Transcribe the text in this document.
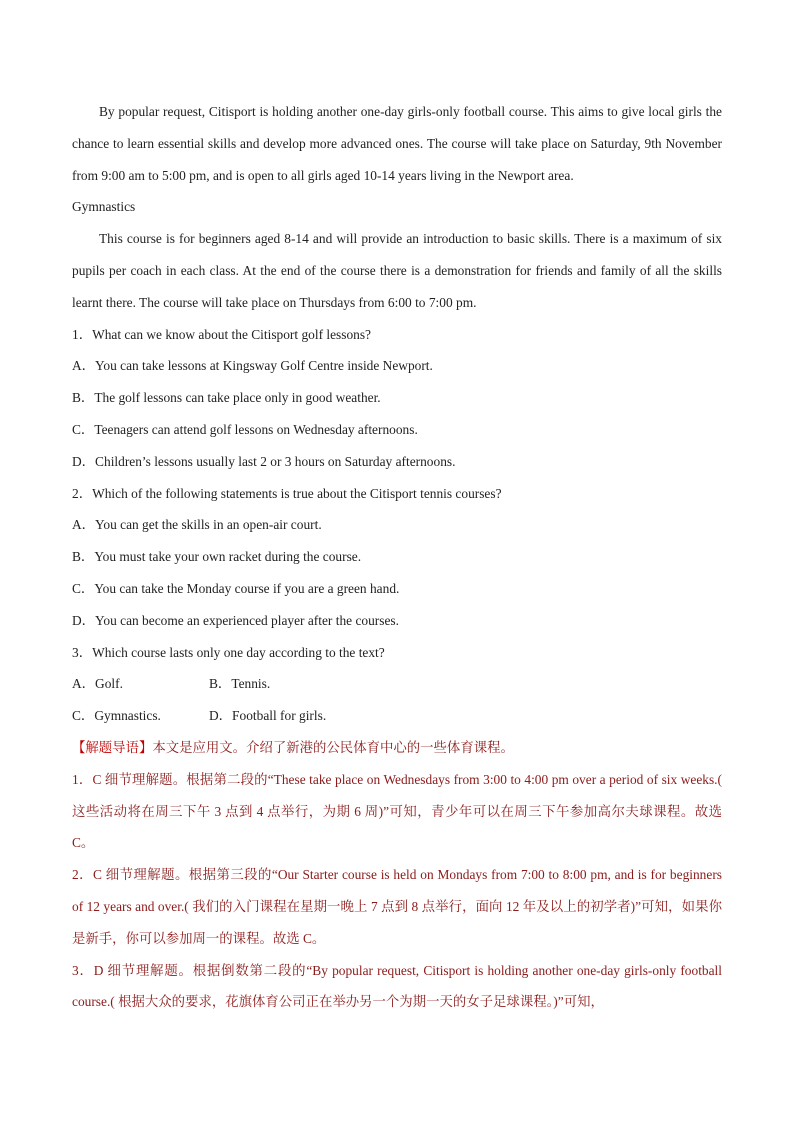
By popular request, Citisport is holding another one-day girls-only football course. This aims to give local girls the chance to learn essential skills and develop more advanced ones. The course will take place on Saturday, 9th November from 9:00 am to 5:00 pm, and is open to all girls aged 10-14 years living in the Newport area.
Gymnastics
This course is for beginners aged 8-14 and will provide an introduction to basic skills. There is a maximum of six pupils per coach in each class. At the end of the course there is a demonstration for friends and family of all the skills learnt there. The course will take place on Thursdays from 6:00 to 7:00 pm.
1．What can we know about the Citisport golf lessons?
A．You can take lessons at Kingsway Golf Centre inside Newport.
B．The golf lessons can take place only in good weather.
C．Teenagers can attend golf lessons on Wednesday afternoons.
D．Children’s lessons usually last 2 or 3 hours on Saturday afternoons.
2．Which of the following statements is true about the Citisport tennis courses?
A．You can get the skills in an open-air court.
B．You must take your own racket during the course.
C．You can take the Monday course if you are a green hand.
D．You can become an experienced player after the courses.
3．Which course lasts only one day according to the text?
A．Golf.	B．Tennis.
C．Gymnastics.	D．Football for girls.
【解题导语】本文是应用文。介绍了新港的公民体育中心的一些体育课程。
1．C 细节理解题。根据第二段的“These take place on Wednesdays from 3:00 to 4:00 pm over a period of six weeks.( 这些活动将在周三下午 3 点到 4 点举行，为期 6 周)”可知，青少年可以在周三下午参加高尔夫球课程。故选 C。
2．C 细节理解题。根据第三段的“Our Starter course is held on Mondays from 7:00 to 8:00 pm, and is for beginners of 12 years and over.( 我们的入门课程在星期一晚上 7 点到 8 点举行，面向 12 年及以上的初学者)”可知，如果你是新手，你可以参加周一的课程。故选 C。
3．D 细节理解题。根据倒数第二段的“By popular request, Citisport is holding another one-day girls-only football course.( 根据大众的要求，花旗体育公司正在举办另一个为期一天的女子足球课程。)”可知，
